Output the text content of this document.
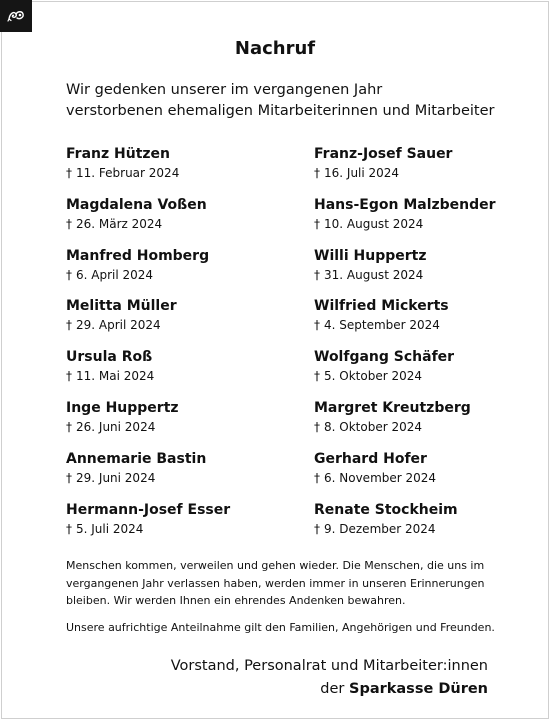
Nachruf
Wir gedenken unserer im vergangenen Jahr
verstorbenen ehemaligen Mitarbeiterinnen und Mitarbeiter
Franz Hützen
† 11. Februar 2024
Magdalena Voßen
† 26. März 2024
Manfred Homberg
† 6. April 2024
Melitta Müller
† 29. April 2024
Ursula Roß
† 11. Mai 2024
Inge Huppertz
† 26. Juni 2024
Annemarie Bastin
† 29. Juni 2024
Hermann-Josef Esser
† 5. Juli 2024
Franz-Josef Sauer
† 16. Juli 2024
Hans-Egon Malzbender
† 10. August 2024
Willi Huppertz
† 31. August 2024
Wilfried Mickerts
† 4. September 2024
Wolfgang Schäfer
† 5. Oktober 2024
Margret Kreutzberg
† 8. Oktober 2024
Gerhard Hofer
† 6. November 2024
Renate Stockheim
† 9. Dezember 2024

Menschen kommen, verweilen und gehen wieder. Die Menschen, die uns im vergangenen Jahr verlassen haben, werden immer in unseren Erinnerungen bleiben. Wir werden Ihnen ein ehrendes Andenken bewahren.

Unsere aufrichtige Anteilnahme gilt den Familien, Angehörigen und Freunden.

Vorstand, Personalrat und Mitarbeiter:innen
der Sparkasse Düren
